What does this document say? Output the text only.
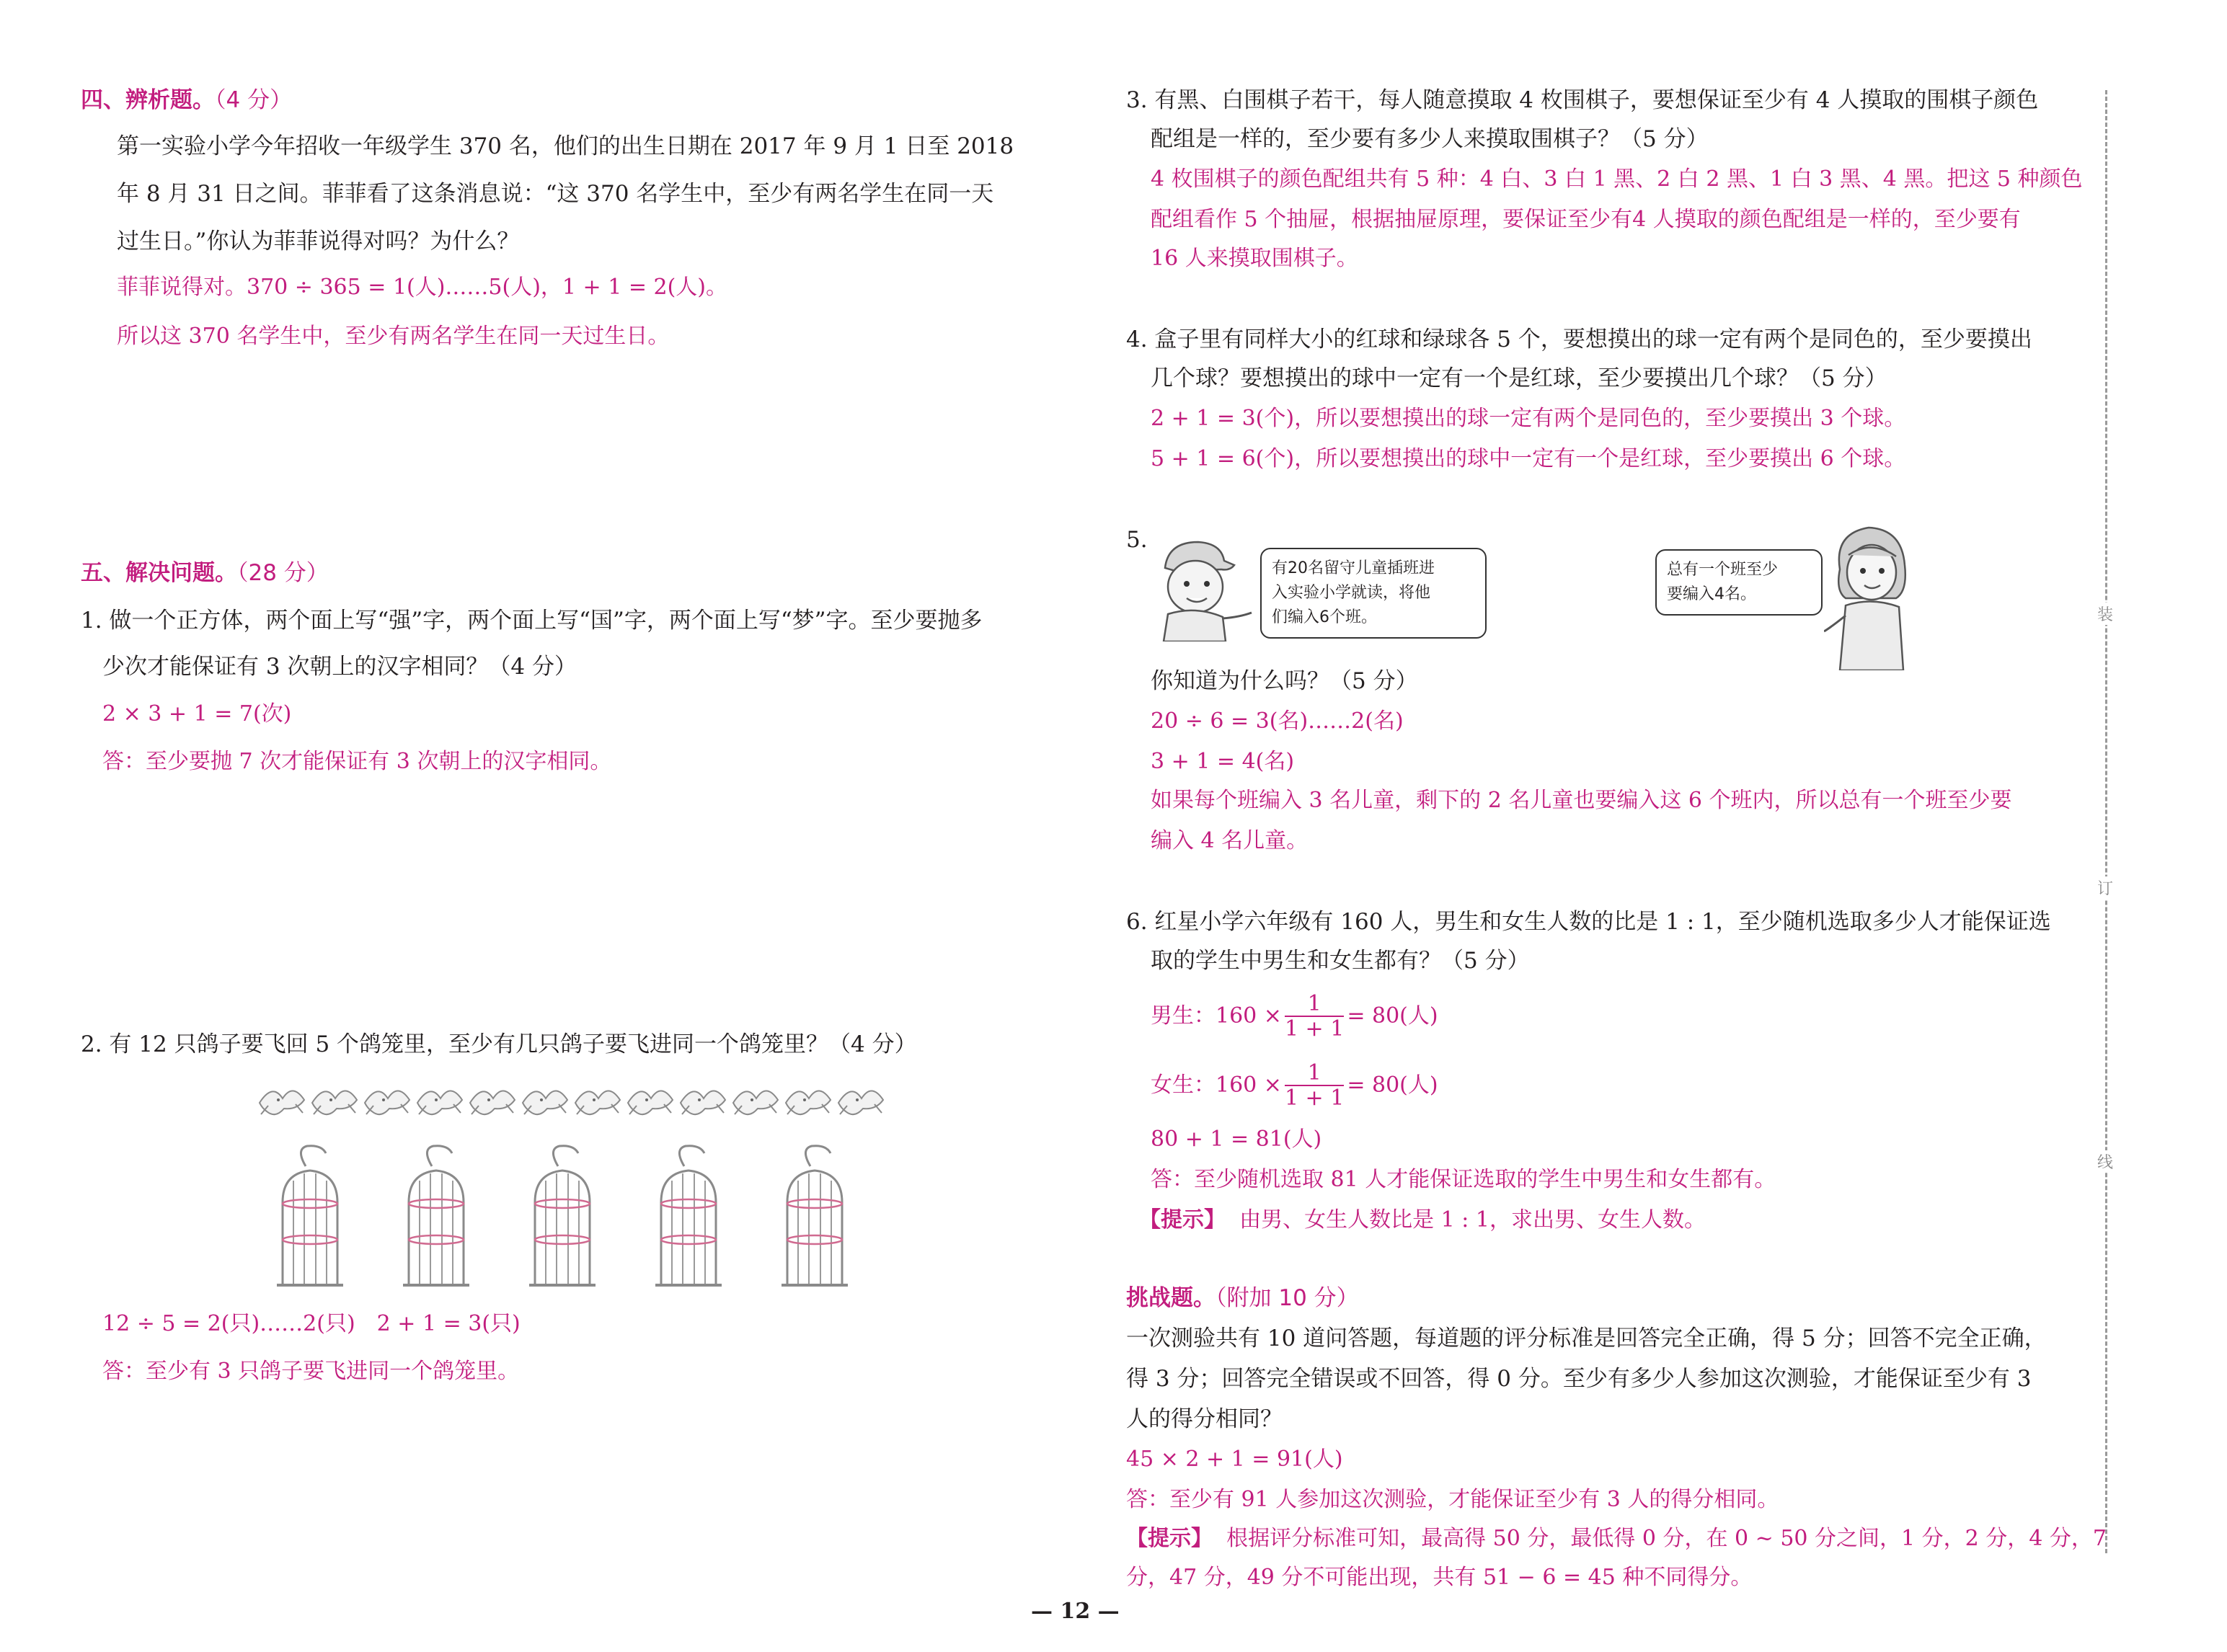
四、辨析题。（4 分）
第一实验小学今年招收一年级学生 370 名，他们的出生日期在 2017 年 9 月 1 日至 2018
年 8 月 31 日之间。菲菲看了这条消息说：“这 370 名学生中，至少有两名学生在同一天
过生日。”你认为菲菲说得对吗？为什么？
菲菲说得对。370 ÷ 365 = 1(人)……5(人)，1 + 1 = 2(人)。
所以这 370 名学生中，至少有两名学生在同一天过生日。
五、解决问题。（28 分）
1. 做一个正方体，两个面上写“强”字，两个面上写“国”字，两个面上写“梦”字。至少要抛多
少次才能保证有 3 次朝上的汉字相同？（4 分）
2 × 3 + 1 = 7(次)
答：至少要抛 7 次才能保证有 3 次朝上的汉字相同。
2. 有 12 只鸽子要飞回 5 个鸽笼里，至少有几只鸽子要飞进同一个鸽笼里？（4 分）
12 ÷ 5 = 2(只)……2(只)　2 + 1 = 3(只)
答：至少有 3 只鸽子要飞进同一个鸽笼里。
3. 有黑、白围棋子若干，每人随意摸取 4 枚围棋子，要想保证至少有 4 人摸取的围棋子颜色
配组是一样的，至少要有多少人来摸取围棋子？（5 分）
4 枚围棋子的颜色配组共有 5 种：4 白、3 白 1 黑、2 白 2 黑、1 白 3 黑、4 黑。把这 5 种颜色
配组看作 5 个抽屉，根据抽屉原理，要保证至少有4 人摸取的颜色配组是一样的，至少要有
16 人来摸取围棋子。
4. 盒子里有同样大小的红球和绿球各 5 个，要想摸出的球一定有两个是同色的，至少要摸出
几个球？要想摸出的球中一定有一个是红球，至少要摸出几个球？（5 分）
2 + 1 = 3(个)，所以要想摸出的球一定有两个是同色的，至少要摸出 3 个球。
5 + 1 = 6(个)，所以要想摸出的球中一定有一个是红球，至少要摸出 6 个球。
5.
有20名留守儿童插班进
入实验小学就读，将他
们编入6个班。
总有一个班至少
要编入4名。
你知道为什么吗？（5 分）
20 ÷ 6 = 3(名)……2(名)
3 + 1 = 4(名)
如果每个班编入 3 名儿童，剩下的 2 名儿童也要编入这 6 个班内，所以总有一个班至少要
编入 4 名儿童。
6. 红星小学六年级有 160 人，男生和女生人数的比是 1 : 1，至少随机选取多少人才能保证选
取的学生中男生和女生都有？（5 分）
男生：$160 \times \frac{1}{1 + 1} = 80$(人)
女生：$160 \times \frac{1}{1 + 1} = 80$(人)
80 + 1 = 81(人)
答：至少随机选取 81 人才能保证选取的学生中男生和女生都有。
【提示】 由男、女生人数比是 1 : 1，求出男、女生人数。
挑战题。（附加 10 分）
一次测验共有 10 道问答题，每道题的评分标准是回答完全正确，得 5 分；回答不完全正确，
得 3 分；回答完全错误或不回答，得 0 分。至少有多少人参加这次测验，才能保证至少有 3
人的得分相同？
45 × 2 + 1 = 91(人)
答：至少有 91 人参加这次测验，才能保证至少有 3 人的得分相同。
【提示】 根据评分标准可知，最高得 50 分，最低得 0 分，在 0 ~ 50 分之间，1 分，2 分，4 分，7
分，47 分，49 分不可能出现，共有 51 − 6 = 45 种不同得分。
装
订
线
— 12 —
